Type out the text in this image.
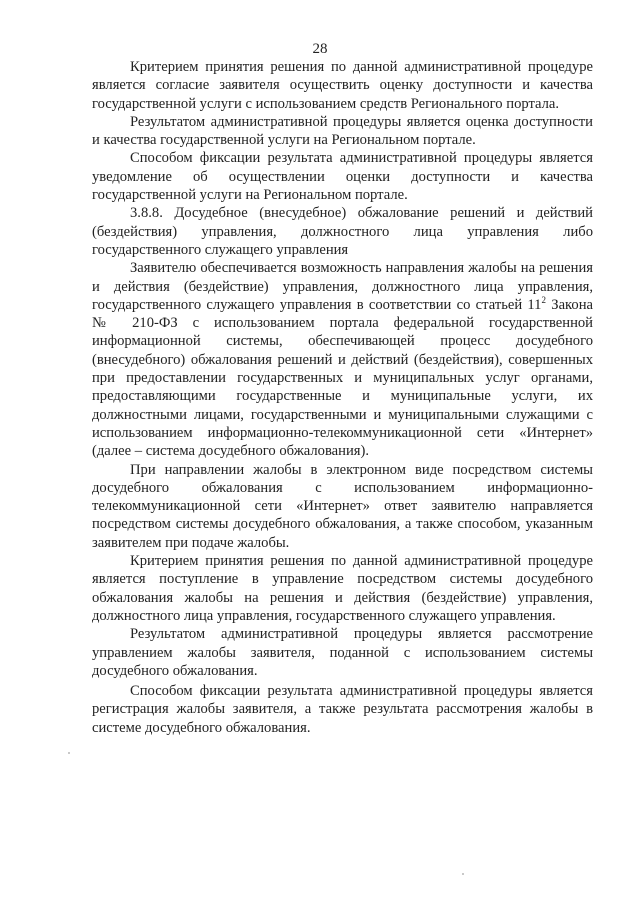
28

Критерием принятия решения по данной административной процедуре является согласие заявителя осуществить оценку доступности и качества государственной услуги с использованием средств Регионального портала.

Результатом административной процедуры является оценка доступности и качества государственной услуги на Региональном портале.

Способом фиксации результата административной процедуры является уведомление об осуществлении оценки доступности и качества государственной услуги на Региональном портале.

3.8.8. Досудебное (внесудебное) обжалование решений и действий (бездействия) управления, должностного лица управления либо государственного служащего управления

Заявителю обеспечивается возможность направления жалобы на решения и действия (бездействие) управления, должностного лица управления, государственного служащего управления в соответствии со статьей $11^2$ Закона № 210-ФЗ с использованием портала федеральной государственной информационной системы, обеспечивающей процесс досудебного (внесудебного) обжалования решений и действий (бездействия), совершенных при предоставлении государственных и муниципальных услуг органами, предоставляющими государственные и муниципальные услуги, их должностными лицами, государственными и муниципальными служащими с использованием информационно-телекоммуникационной сети «Интернет» (далее – система досудебного обжалования).

При направлении жалобы в электронном виде посредством системы досудебного обжалования с использованием информационно-телекоммуникационной сети «Интернет» ответ заявителю направляется посредством системы досудебного обжалования, а также способом, указанным заявителем при подаче жалобы.

Критерием принятия решения по данной административной процедуре является поступление в управление посредством системы досудебного обжалования жалобы на решения и действия (бездействие) управления, должностного лица управления, государственного служащего управления.

Результатом административной процедуры является рассмотрение управлением жалобы заявителя, поданной с использованием системы досудебного обжалования.

Способом фиксации результата административной процедуры является регистрация жалобы заявителя, а также результата рассмотрения жалобы в системе досудебного обжалования.
